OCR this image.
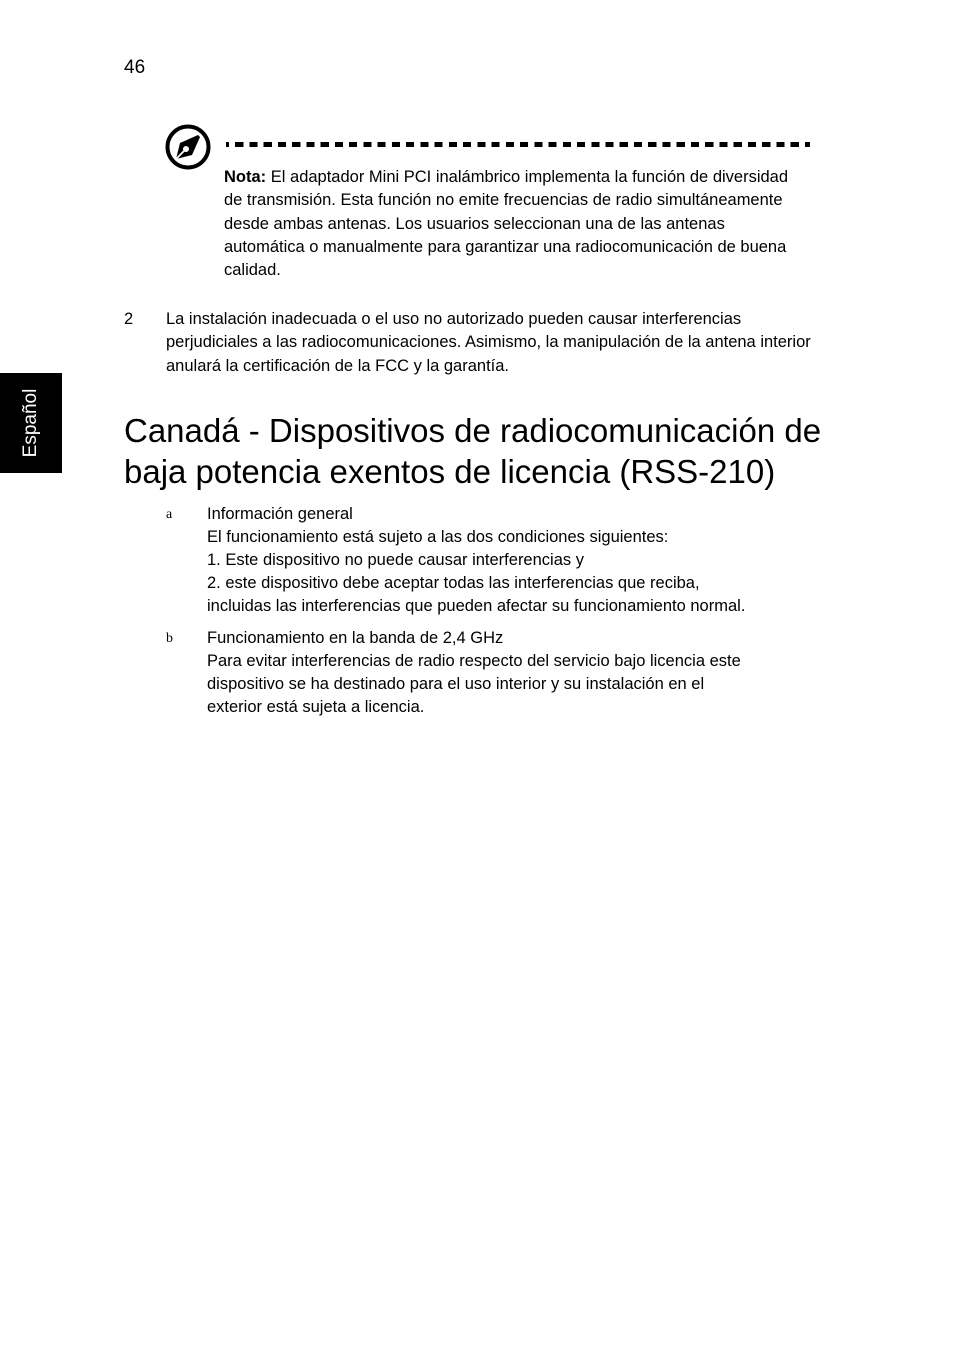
46
Nota: El adaptador Mini PCI inalámbrico implementa la función de diversidad de transmisión. Esta función no emite frecuencias de radio simultáneamente desde ambas antenas. Los usuarios seleccionan una de las antenas automática o manualmente para garantizar una radiocomunicación de buena calidad.
2 La instalación inadecuada o el uso no autorizado pueden causar interferencias perjudiciales a las radiocomunicaciones. Asimismo, la manipulación de la antena interior anulará la certificación de la FCC y la garantía.
Español	Canadá - Dispositivos de radiocomunicación de
baja potencia exentos de licencia (RSS-210)
a Información general
El funcionamiento está sujeto a las dos condiciones siguientes:
1. Este dispositivo no puede causar interferencias y
2. este dispositivo debe aceptar todas las interferencias que reciba,
incluidas las interferencias que pueden afectar su funcionamiento normal.
b Funcionamiento en la banda de 2,4 GHz
Para evitar interferencias de radio respecto del servicio bajo licencia este
dispositivo se ha destinado para el uso interior y su instalación en el
exterior está sujeta a licencia.
